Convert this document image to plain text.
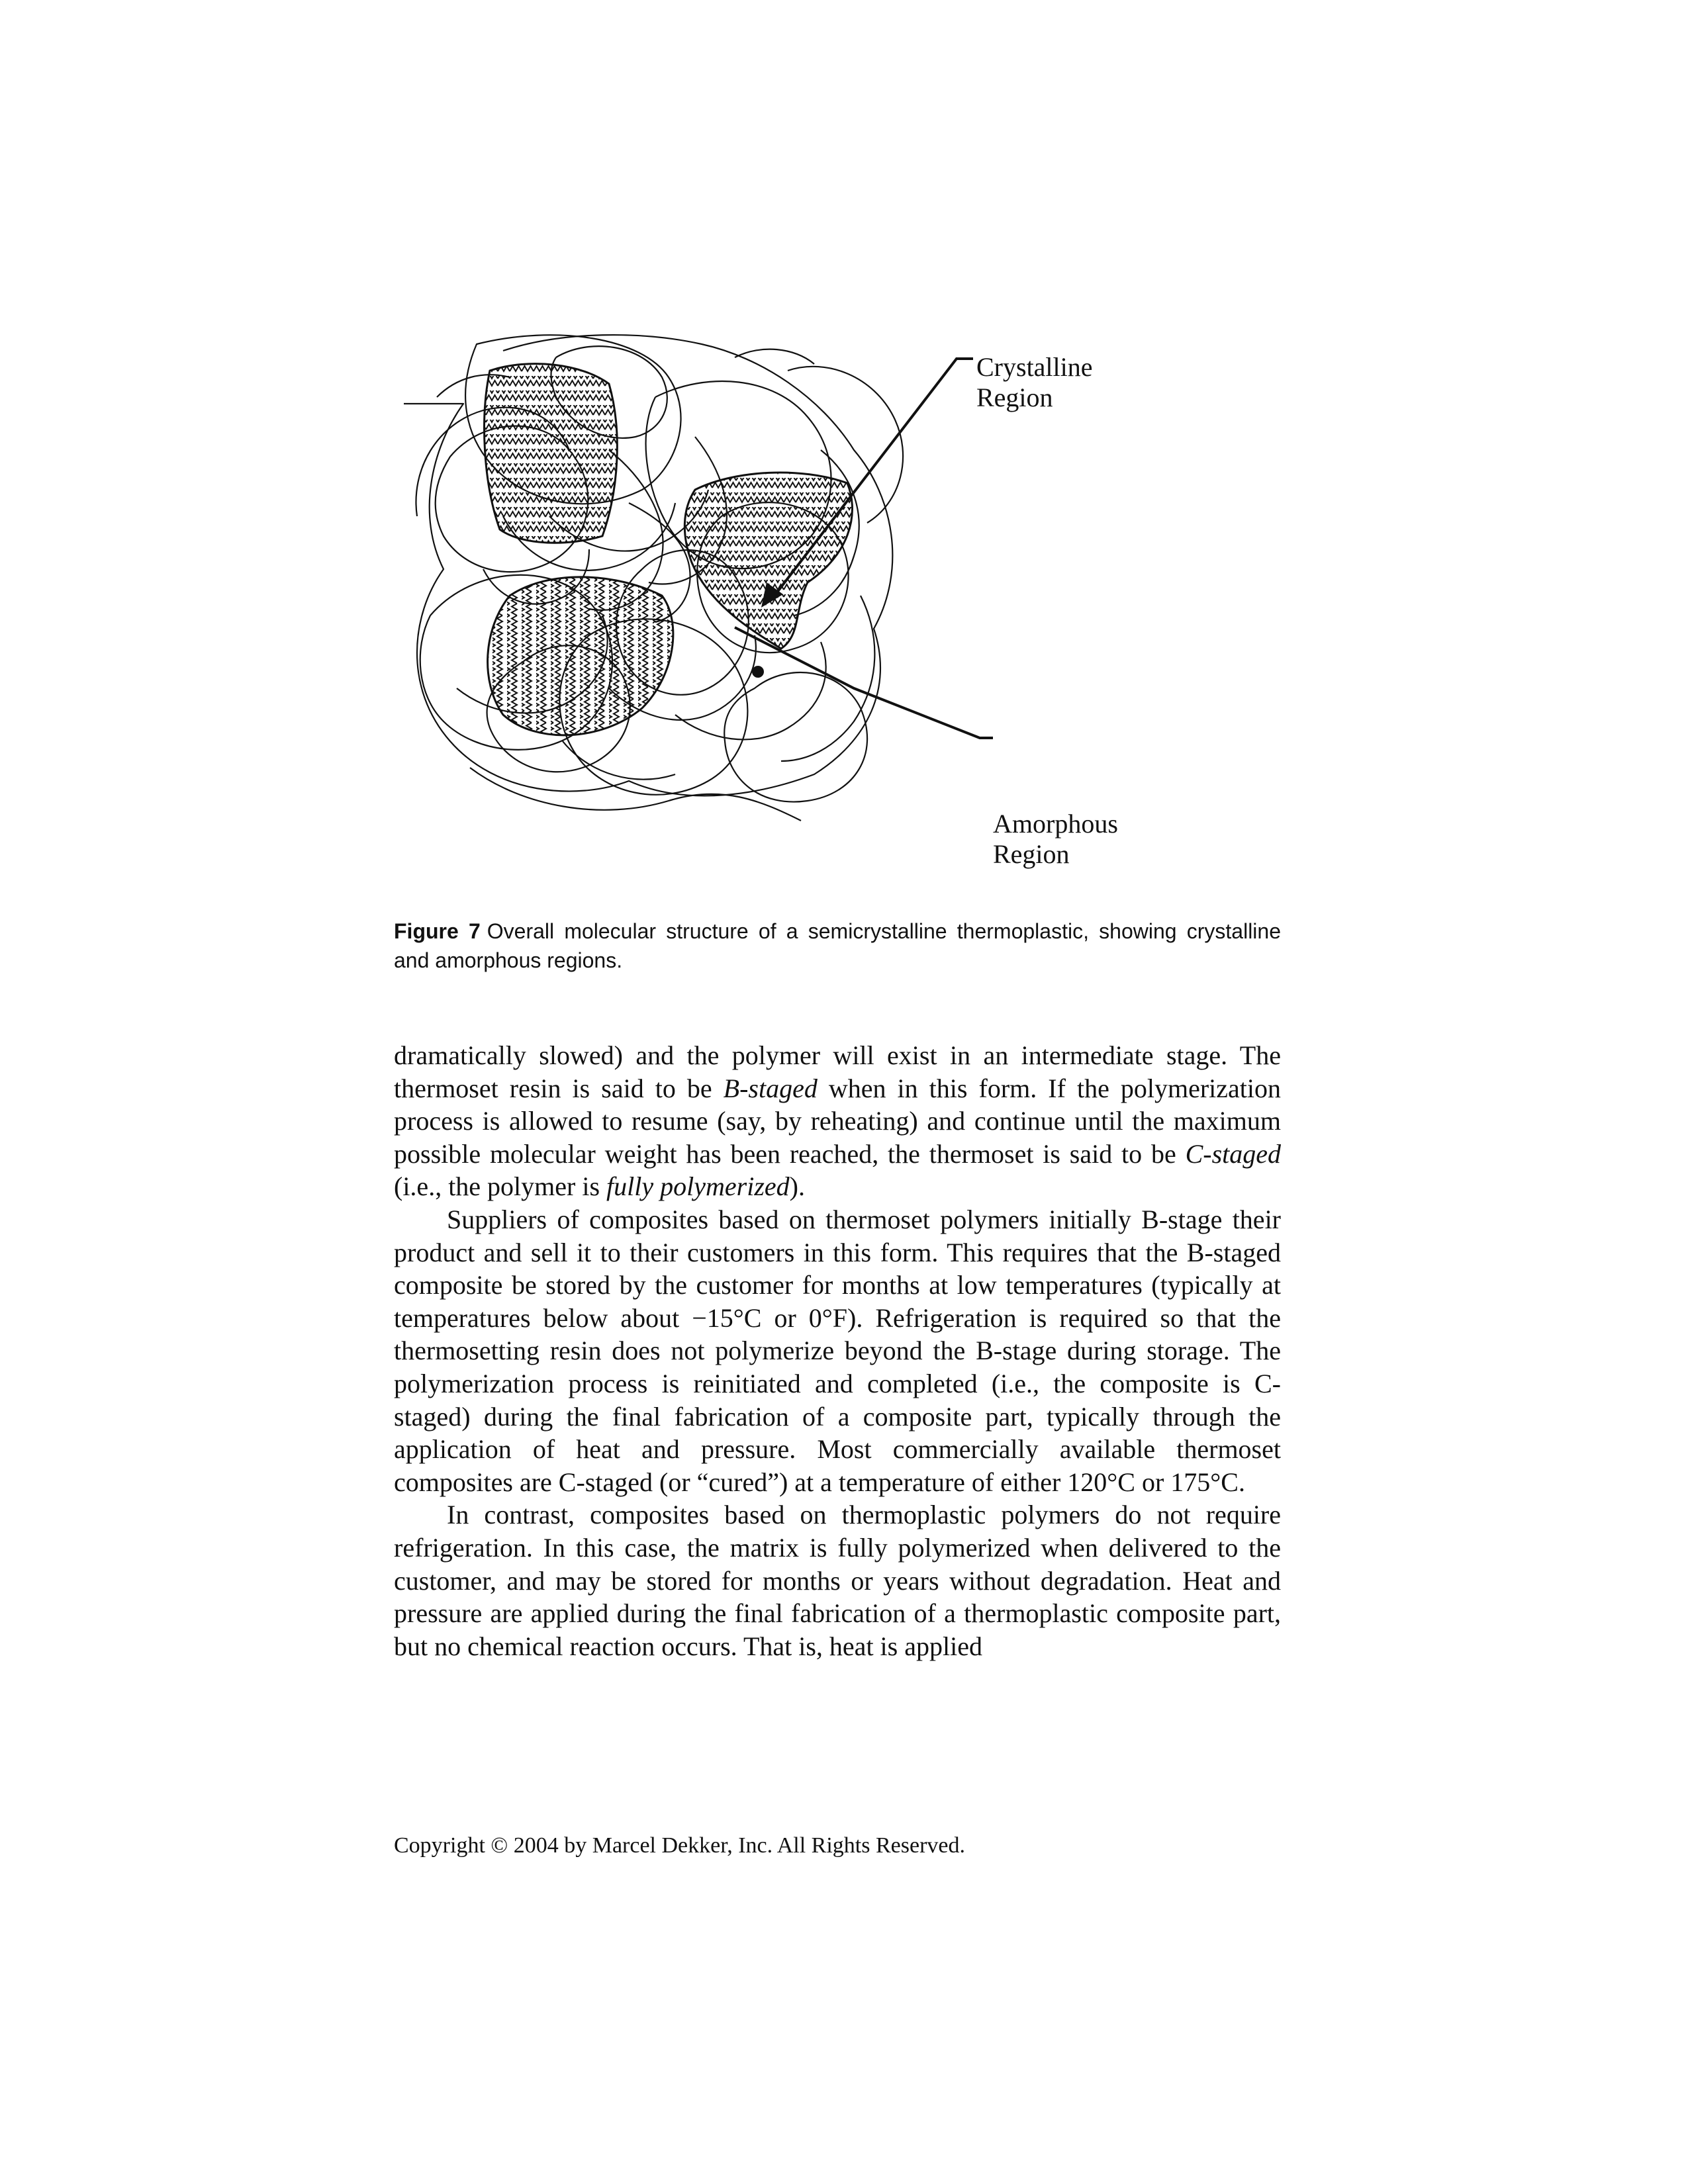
Crystalline
Region
Amorphous
Region
Figure 7 Overall molecular structure of a semicrystalline thermoplastic, showing crystalline and amorphous regions.

dramatically slowed) and the polymer will exist in an intermediate stage. The thermoset resin is said to be B-staged when in this form. If the polymerization process is allowed to resume (say, by reheating) and continue until the maximum possible molecular weight has been reached, the thermoset is said to be C-staged (i.e., the polymer is fully polymerized).

Suppliers of composites based on thermoset polymers initially B-stage their product and sell it to their customers in this form. This requires that the B-staged composite be stored by the customer for months at low temperatures (typically at temperatures below about −15°C or 0°F). Refrigeration is required so that the thermosetting resin does not polymerize beyond the B-stage during storage. The polymerization process is reinitiated and completed (i.e., the composite is C-staged) during the final fabrication of a composite part, typically through the application of heat and pressure. Most commercially available thermoset composites are C-staged (or “cured”) at a temperature of either 120°C or 175°C.

In contrast, composites based on thermoplastic polymers do not require refrigeration. In this case, the matrix is fully polymerized when delivered to the customer, and may be stored for months or years without degradation. Heat and pressure are applied during the final fabrication of a thermoplastic composite part, but no chemical reaction occurs. That is, heat is applied

Copyright © 2004 by Marcel Dekker, Inc. All Rights Reserved.
